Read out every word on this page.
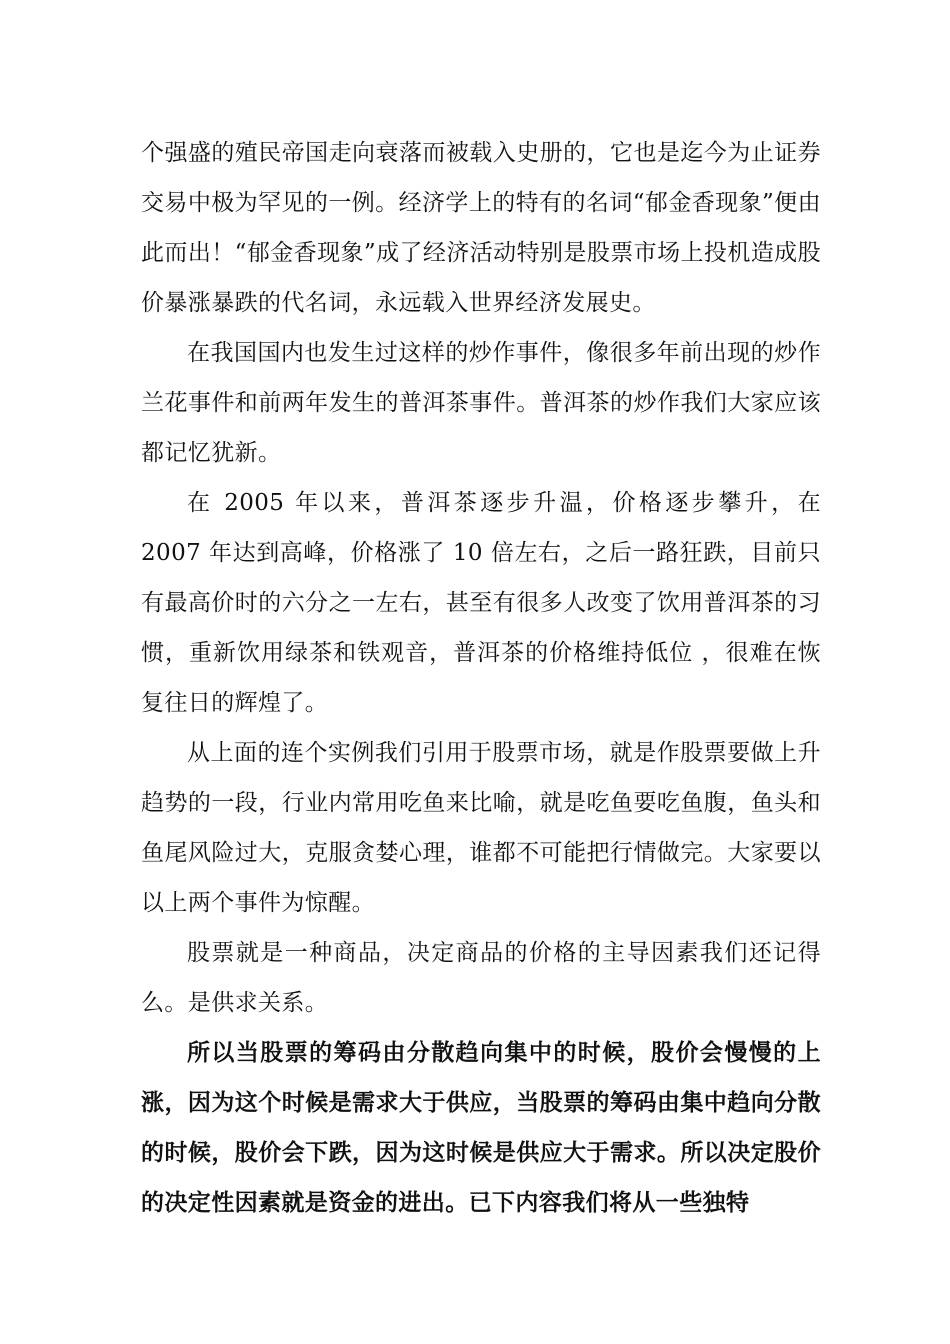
个强盛的殖民帝国走向衰落而被载入史册的，它也是迄今为止证券交易中极为罕见的一例。经济学上的特有的名词“郁金香现象”便由此而出！“郁金香现象”成了经济活动特别是股票市场上投机造成股价暴涨暴跌的代名词，永远载入世界经济发展史。

在我国国内也发生过这样的炒作事件，像很多年前出现的炒作兰花事件和前两年发生的普洱茶事件。普洱茶的炒作我们大家应该都记忆犹新。

在 2005 年以来，普洱茶逐步升温，价格逐步攀升，在 2007 年达到高峰，价格涨了 10 倍左右，之后一路狂跌，目前只有最高价时的六分之一左右，甚至有很多人改变了饮用普洱茶的习惯，重新饮用绿茶和铁观音，普洱茶的价格维持低位 ，很难在恢复往日的辉煌了。

从上面的连个实例我们引用于股票市场，就是作股票要做上升趋势的一段，行业内常用吃鱼来比喻，就是吃鱼要吃鱼腹，鱼头和鱼尾风险过大，克服贪婪心理，谁都不可能把行情做完。大家要以以上两个事件为惊醒。

股票就是一种商品，决定商品的价格的主导因素我们还记得么。是供求关系。

所以当股票的筹码由分散趋向集中的时候，股价会慢慢的上涨，因为这个时候是需求大于供应，当股票的筹码由集中趋向分散的时候，股价会下跌，因为这时候是供应大于需求。所以决定股价的决定性因素就是资金的进出。已下内容我们将从一些独特
